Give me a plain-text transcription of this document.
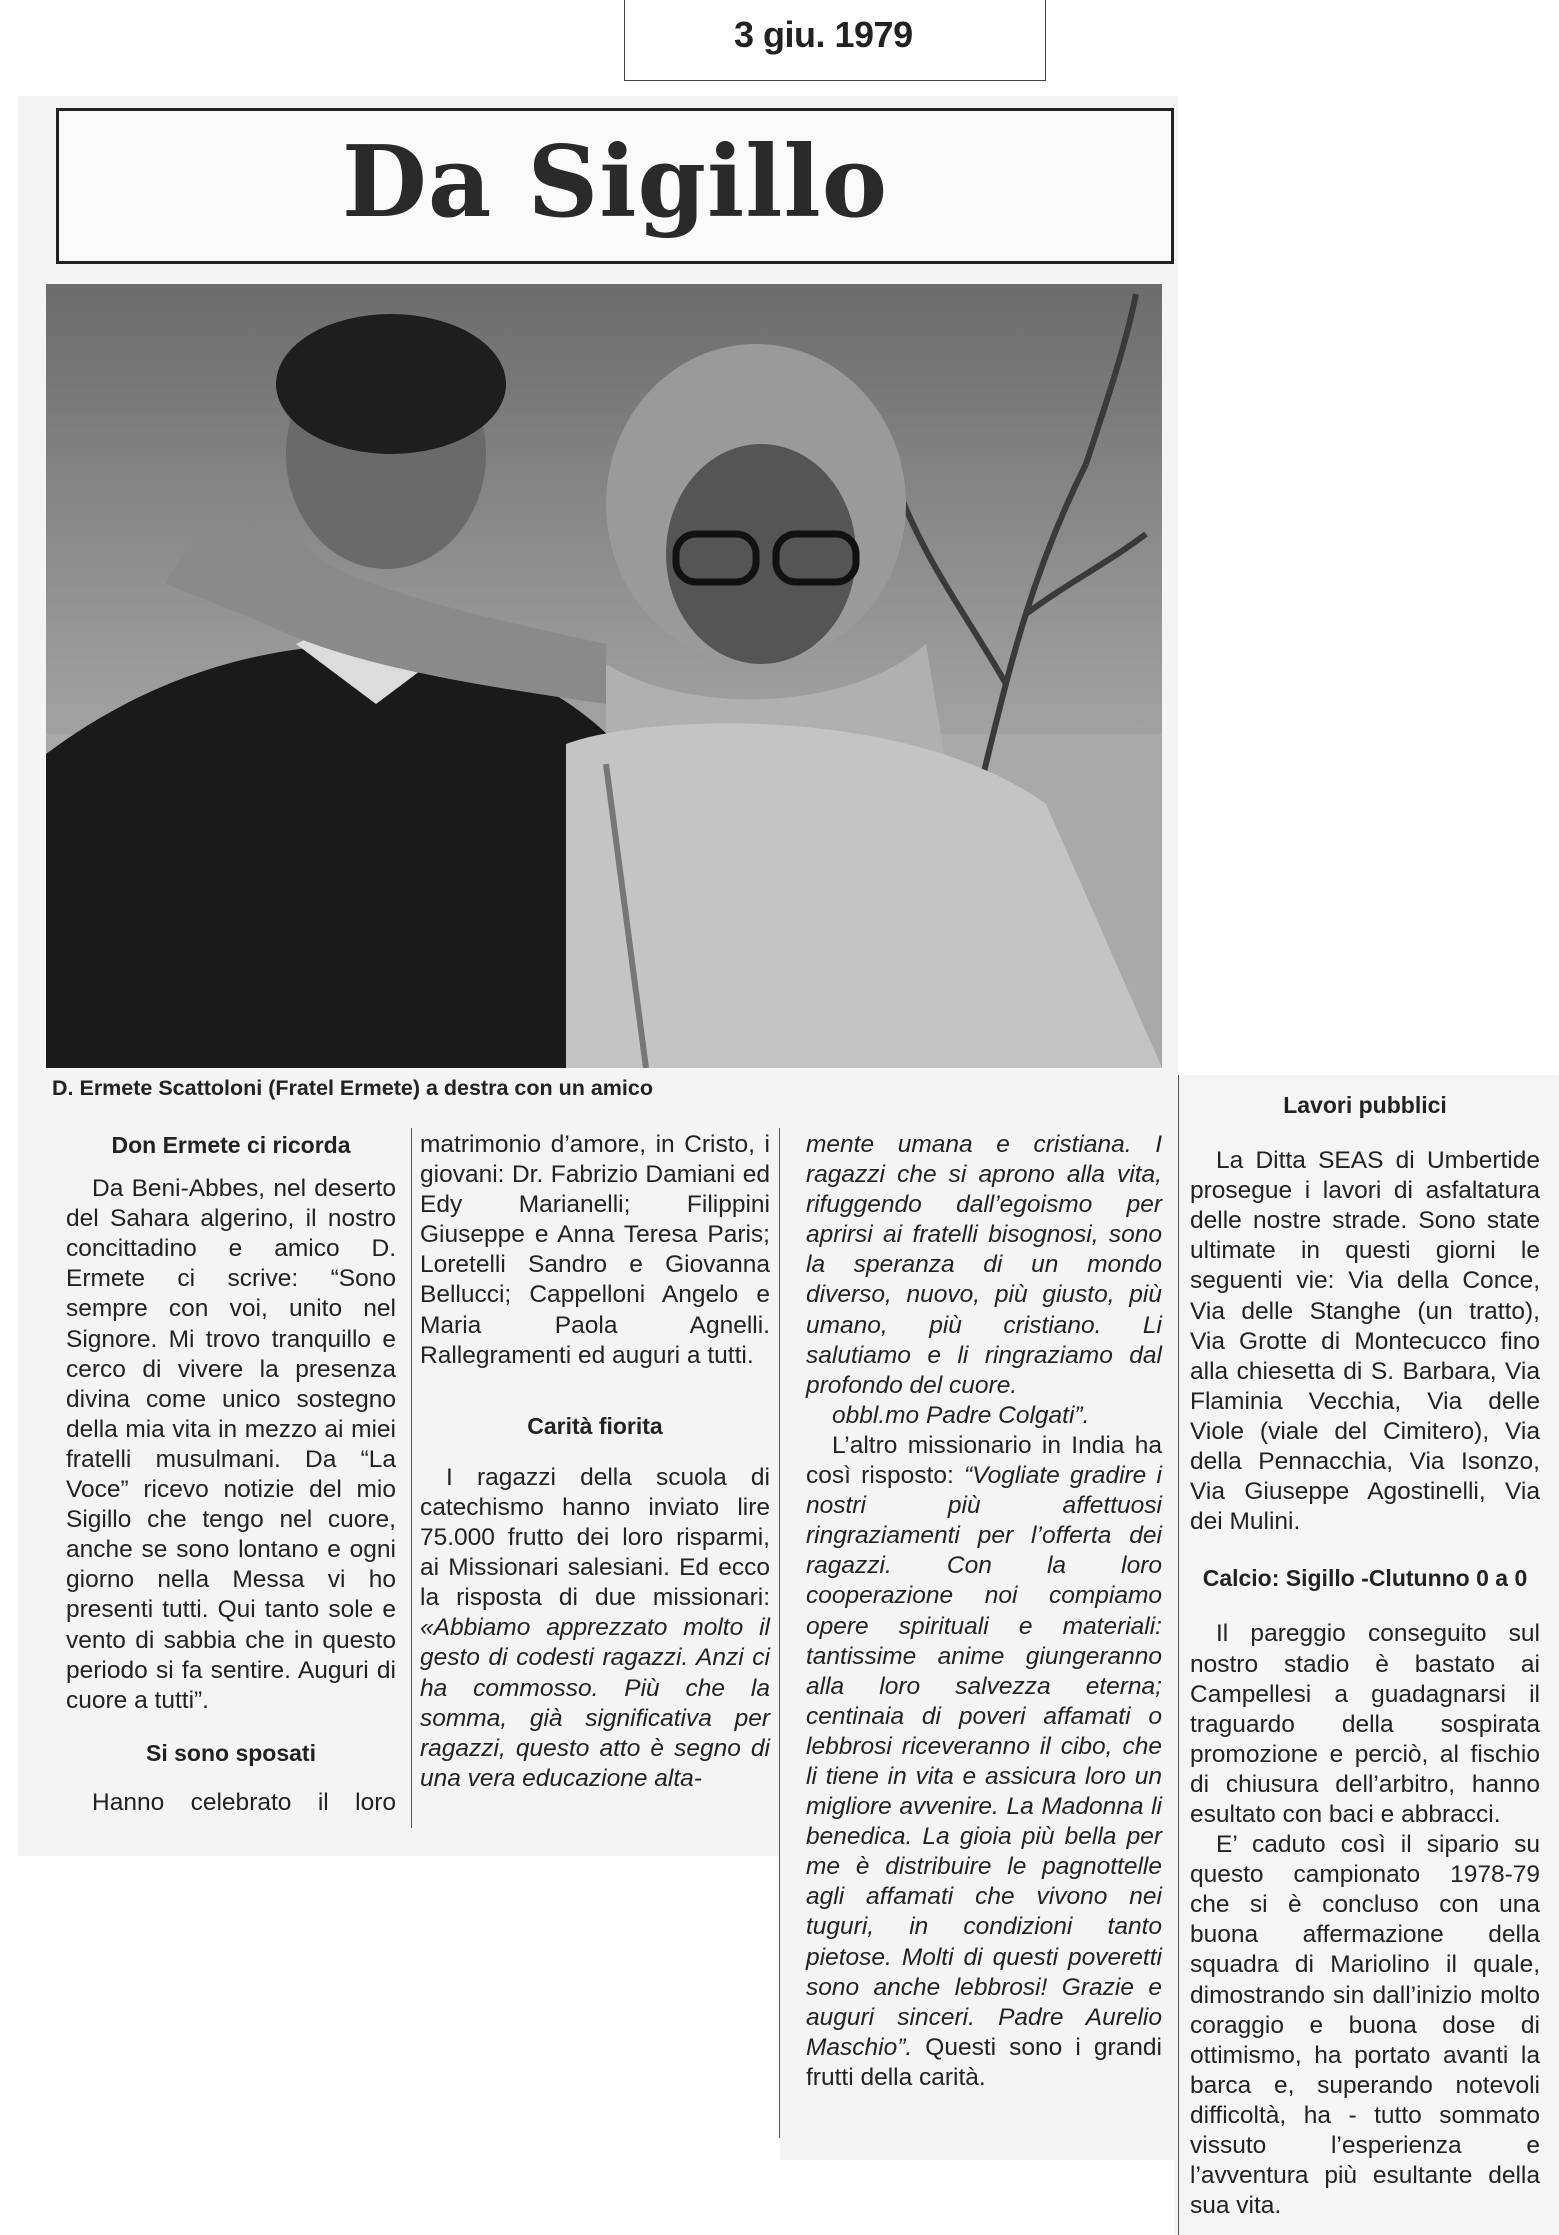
3 giu. 1979
Da Sigillo
D. Ermete Scattoloni (Fratel Ermete) a destra con un amico

Don Ermete ci ricorda

Da Beni-Abbes, nel deserto del Sahara algerino, il nostro concittadino e amico D. Ermete ci scrive: “Sono sempre con voi, unito nel Signore. Mi trovo tranquillo e cerco di vivere la presenza divina come unico sostegno della mia vita in mezzo ai miei fratelli musulmani. Da “La Voce” ricevo notizie del mio Sigillo che tengo nel cuore, anche se sono lontano e ogni giorno nella Messa vi ho presenti tutti. Qui tanto sole e vento di sabbia che in questo periodo si fa sentire. Auguri di cuore a tutti”.

Si sono sposati

Hanno celebrato il loro

matrimonio d’amore, in Cristo, i giovani: Dr. Fabrizio Damiani ed Edy Marianelli; Filippini Giuseppe e Anna Teresa Paris; Loretelli Sandro e Giovanna Bellucci; Cappelloni Angelo e Maria Paola Agnelli. Rallegramenti ed auguri a tutti.

Carità fiorita

I ragazzi della scuola di catechismo hanno inviato lire 75.000 frutto dei loro risparmi, ai Missionari salesiani. Ed ecco la risposta di due missionari: «Abbiamo apprezzato molto il gesto di codesti ragazzi. Anzi ci ha commosso. Più che la somma, già significativa per ragazzi, questo atto è segno di una vera educazione alta-

mente umana e cristiana. I ragazzi che si aprono alla vita, rifuggendo dall’egoismo per aprirsi ai fratelli bisognosi, sono la speranza di un mondo diverso, nuovo, più giusto, più umano, più cristiano. Li salutiamo e li ringraziamo dal profondo del cuore.

obbl.mo Padre Colgati”.

L’altro missionario in India ha così risposto: “Vogliate gradire i nostri più affettuosi ringraziamenti per l’offerta dei ragazzi. Con la loro cooperazione noi compiamo opere spirituali e materiali: tantissime anime giungeranno alla loro salvezza eterna; centinaia di poveri affamati o lebbrosi riceveranno il cibo, che li tiene in vita e assicura loro un migliore avvenire. La Madonna li benedica. La gioia più bella per me è distribuire le pagnottelle agli affamati che vivono nei tuguri, in condizioni tanto pietose. Molti di questi poveretti sono anche lebbrosi! Grazie e auguri sinceri. Padre Aurelio Maschio”. Questi sono i grandi frutti della carità.

Lavori pubblici

La Ditta SEAS di Umbertide prosegue i lavori di asfaltatura delle nostre strade. Sono state ultimate in questi giorni le seguenti vie: Via della Conce, Via delle Stanghe (un tratto), Via Grotte di Montecucco fino alla chiesetta di S. Barbara, Via Flaminia Vecchia, Via delle Viole (viale del Cimitero), Via della Pennacchia, Via Isonzo, Via Giuseppe Agostinelli, Via dei Mulini.

Calcio: Sigillo -Clutunno 0 a 0

Il pareggio conseguito sul nostro stadio è bastato ai Campellesi a guadagnarsi il traguardo della sospirata promozione e perciò, al fischio di chiusura dell’arbitro, hanno esultato con baci e abbracci.

E’ caduto così il sipario su questo campionato 1978-79 che si è concluso con una buona affermazione della squadra di Mariolino il quale, dimostrando sin dall’inizio molto coraggio e buona dose di ottimismo, ha portato avanti la barca e, superando notevoli difficoltà, ha - tutto sommato vissuto l’esperienza e l’avventura più esultante della sua vita.
